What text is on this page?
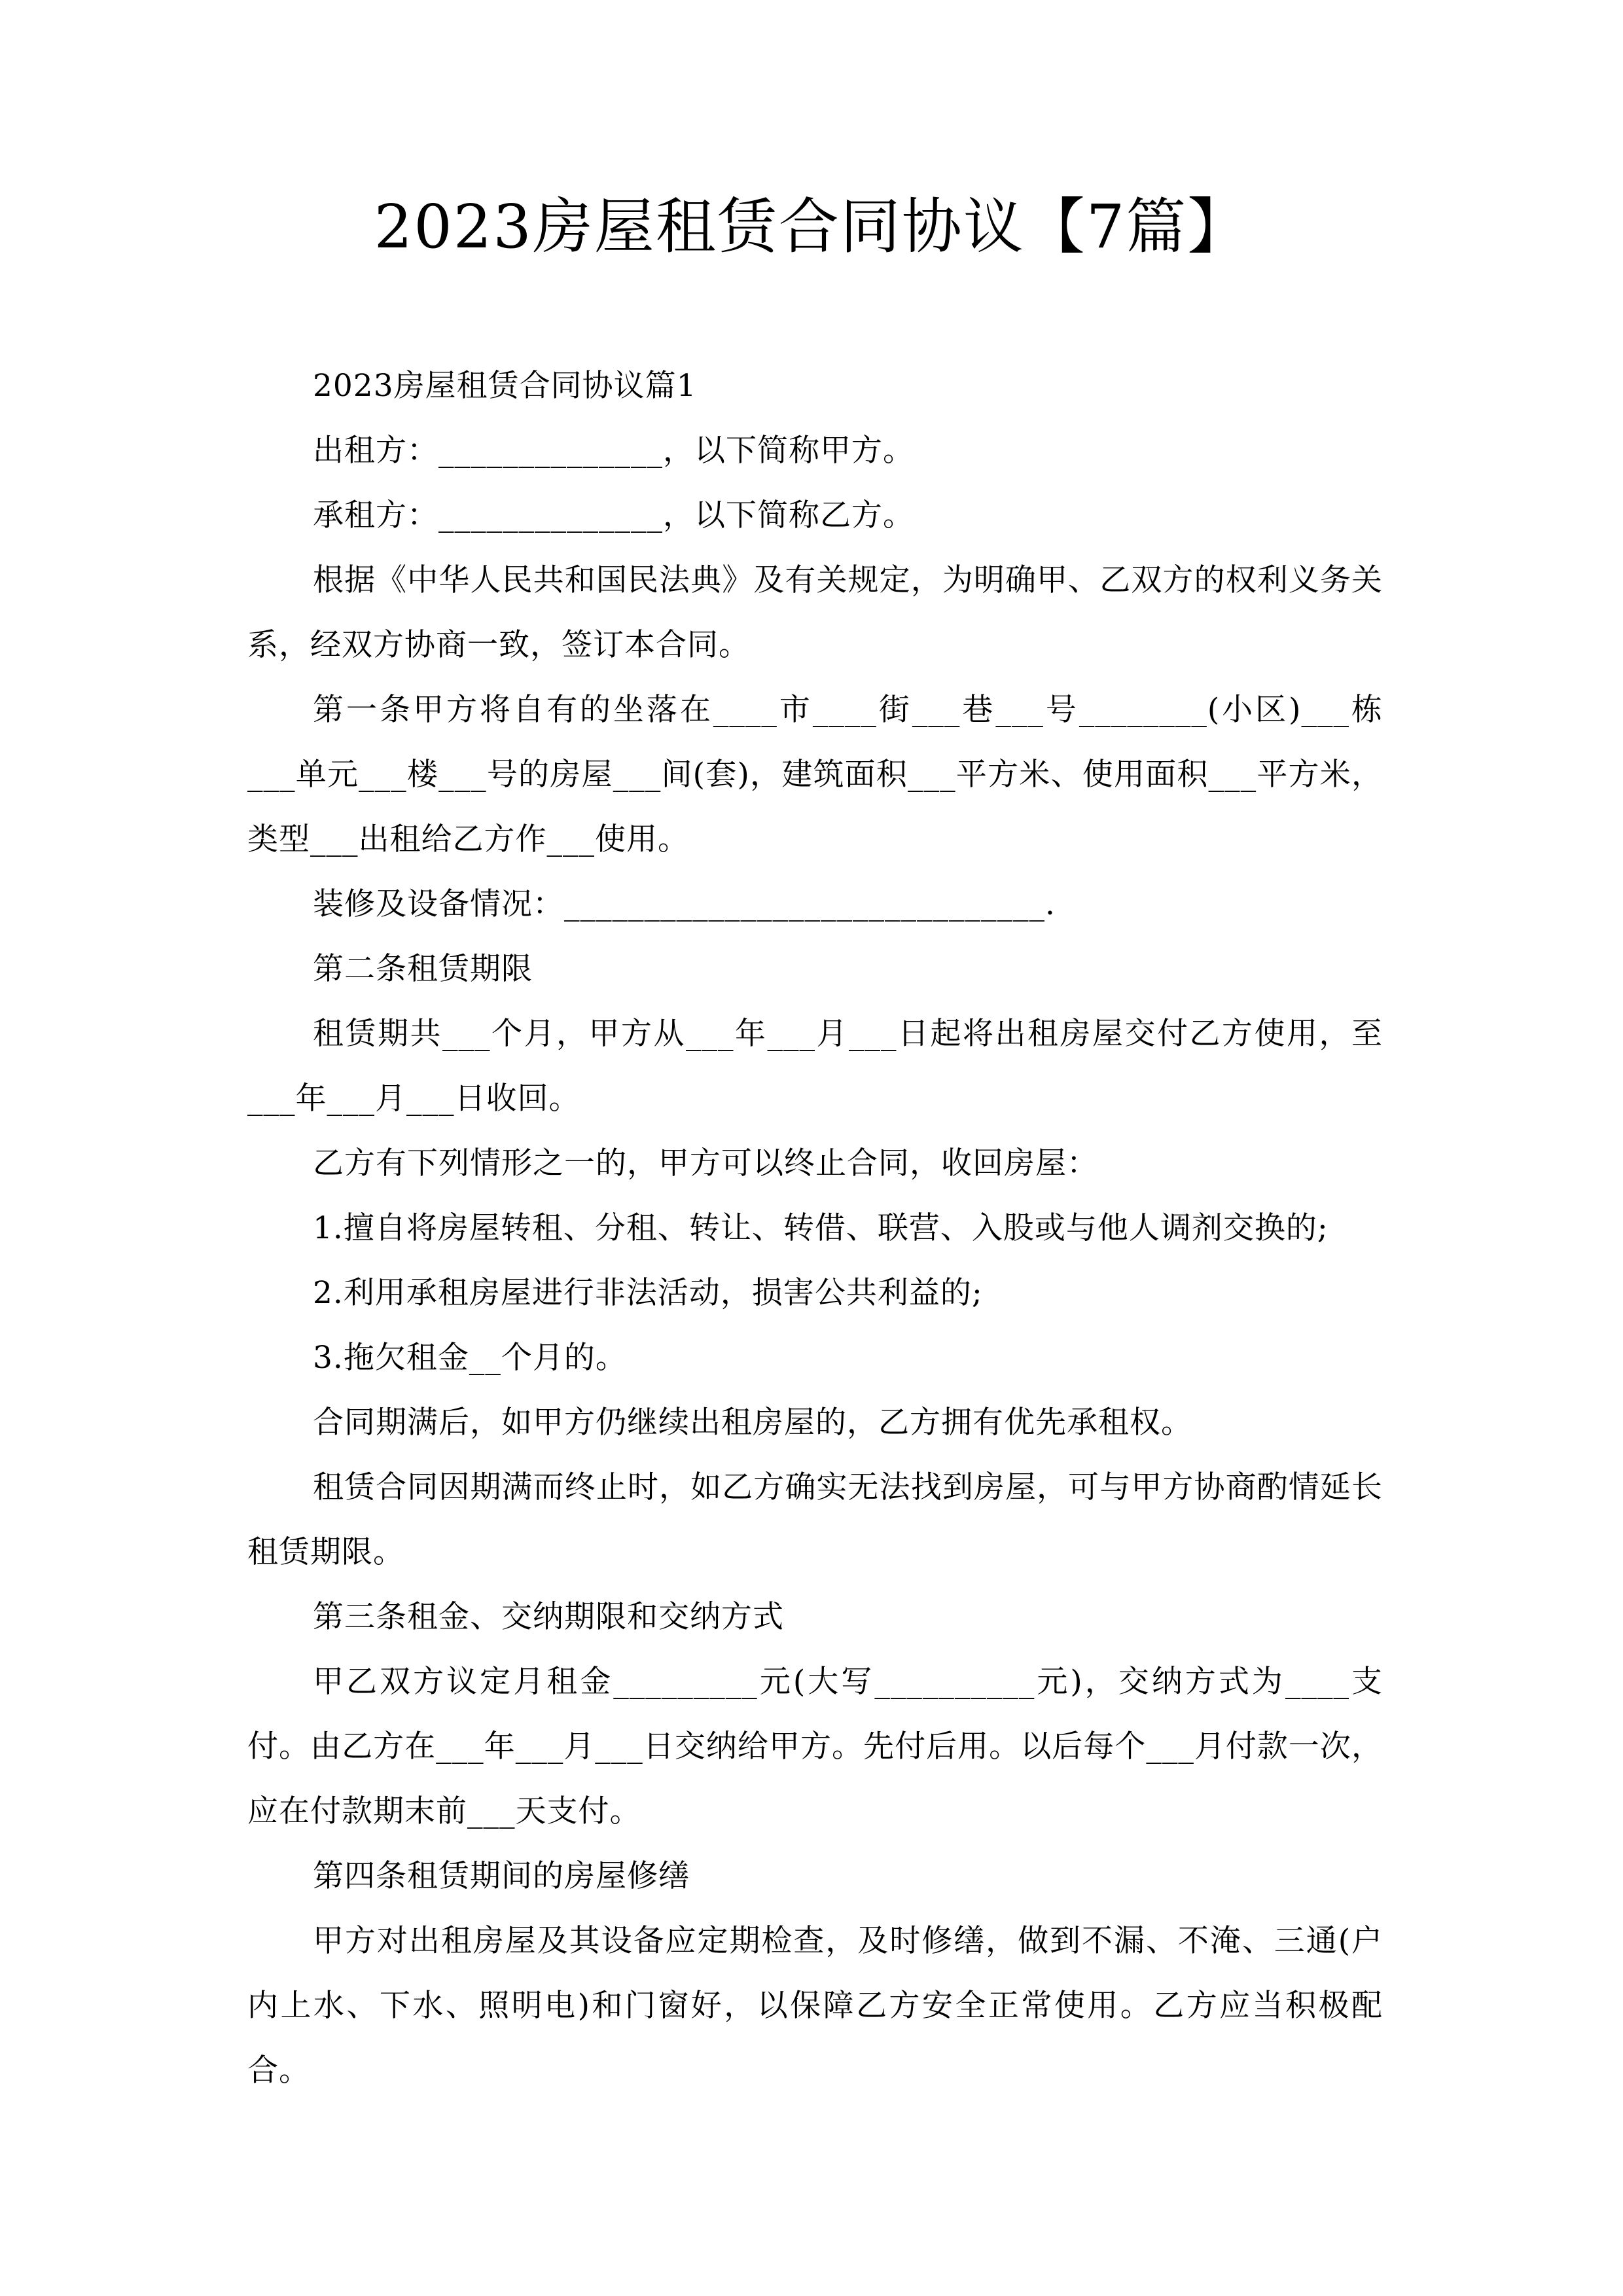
2023房屋租赁合同协议【7篇】

2023房屋租赁合同协议篇1

出租方：______________，以下简称甲方。

承租方：______________，以下简称乙方。

根据《中华人民共和国民法典》及有关规定，为明确甲、乙双方的权利义务关系，经双方协商一致，签订本合同。

第一条甲方将自有的坐落在____市____街___巷___号________(小区)___栋___单元___楼___号的房屋___间(套)，建筑面积___平方米、使用面积___平方米，类型___出租给乙方作___使用。

装修及设备情况：______________________________.

第二条租赁期限

租赁期共___个月，甲方从___年___月___日起将出租房屋交付乙方使用，至___年___月___日收回。

乙方有下列情形之一的，甲方可以终止合同，收回房屋：

1.擅自将房屋转租、分租、转让、转借、联营、入股或与他人调剂交换的;

2.利用承租房屋进行非法活动，损害公共利益的;

3.拖欠租金__个月的。

合同期满后，如甲方仍继续出租房屋的，乙方拥有优先承租权。

租赁合同因期满而终止时，如乙方确实无法找到房屋，可与甲方协商酌情延长租赁期限。

第三条租金、交纳期限和交纳方式

甲乙双方议定月租金_________元(大写__________元)，交纳方式为____支付。由乙方在___年___月___日交纳给甲方。先付后用。以后每个___月付款一次，应在付款期末前___天支付。

第四条租赁期间的房屋修缮

甲方对出租房屋及其设备应定期检查，及时修缮，做到不漏、不淹、三通(户内上水、下水、照明电)和门窗好，以保障乙方安全正常使用。乙方应当积极配合。
